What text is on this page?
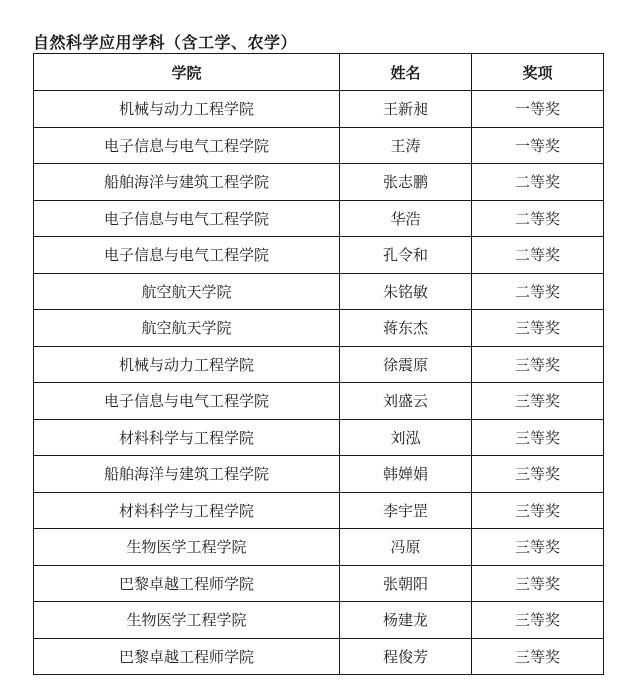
自然科学应用学科（含工学、农学）
学院	姓名	奖项
机械与动力工程学院	王新昶	一等奖
电子信息与电气工程学院	王涛	一等奖
船舶海洋与建筑工程学院	张志鹏	二等奖
电子信息与电气工程学院	华浩	二等奖
电子信息与电气工程学院	孔令和	二等奖
航空航天学院	朱铭敏	二等奖
航空航天学院	蒋东杰	三等奖
机械与动力工程学院	徐震原	三等奖
电子信息与电气工程学院	刘盛云	三等奖
材料科学与工程学院	刘泓	三等奖
船舶海洋与建筑工程学院	韩婵娟	三等奖
材料科学与工程学院	李宇罡	三等奖
生物医学工程学院	冯原	三等奖
巴黎卓越工程师学院	张朝阳	三等奖
生物医学工程学院	杨建龙	三等奖
巴黎卓越工程师学院	程俊芳	三等奖
